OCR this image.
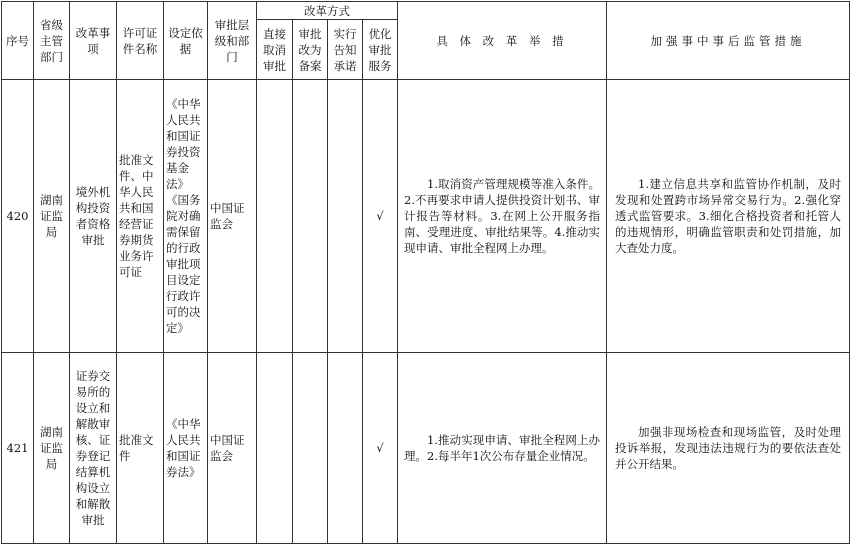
序号	省级主管部门	改革事项	许可证件名称	设定依据	审批层级和部门	改革方式				具 体 改 革 举 措	加强事中事后监管措施
						直接取消审批	审批改为备案	实行告知承诺	优化审批服务		
420	湖南证监局	境外机构投资者资格审批	批准文件、中华人民共和国经营证券期货业务许可证	《中华人民共和国证券投资基金法》《国务院对确需保留的行政审批项目设定行政许可的决定》	中国证监会				√	1.取消资产管理规模等准入条件。2.不再要求申请人提供投资计划书、审计报告等材料。3.在网上公开服务指南、受理进度、审批结果等。4.推动实现申请、审批全程网上办理。	1.建立信息共享和监管协作机制，及时发现和处置跨市场异常交易行为。2.强化穿透式监管要求。3.细化合格投资者和托管人的违规情形，明确监管职责和处罚措施，加大查处力度。
421	湖南证监局	证券交易所的设立和解散审核、证券登记结算机构设立和解散审批	批准文件	《中华人民共和国证券法》	中国证监会				√	1.推动实现申请、审批全程网上办理。2.每半年1次公布存量企业情况。	加强非现场检查和现场监管，及时处理投诉举报，发现违法违规行为的要依法查处并公开结果。
